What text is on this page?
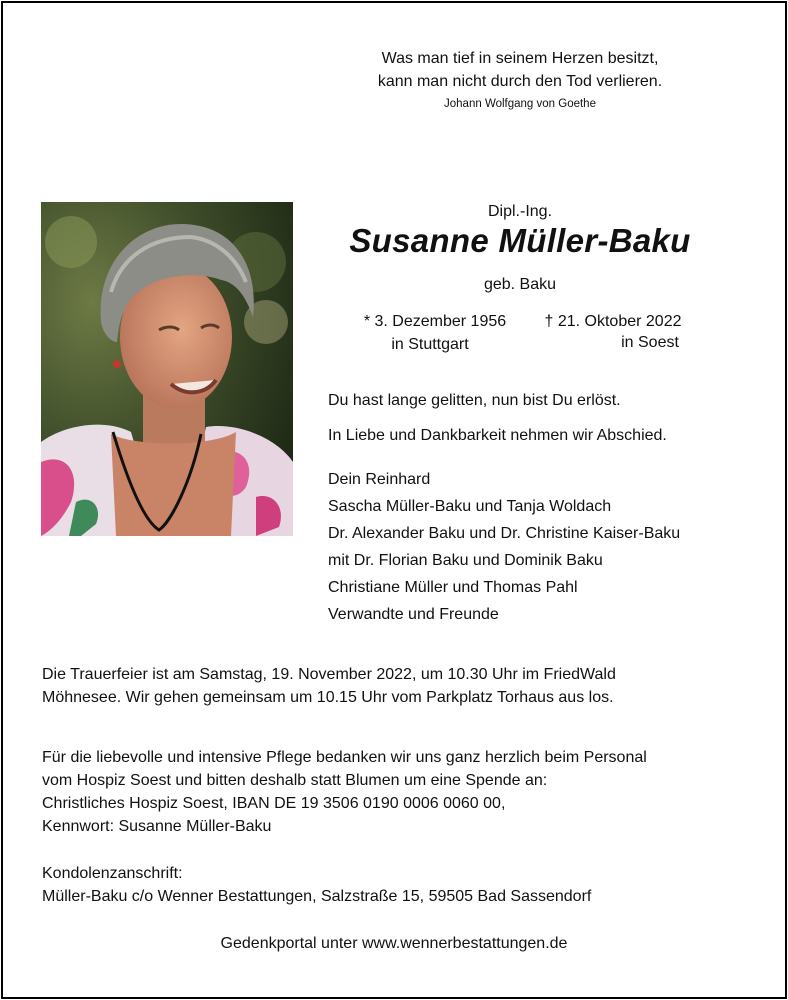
Was man tief in seinem Herzen besitzt,
kann man nicht durch den Tod verlieren.
Johann Wolfgang von Goethe
Dipl.-Ing.
Susanne Müller-Baku
geb. Baku
* 3. Dezember 1956	† 21. Oktober 2022
in Stuttgart	in Soest
Du hast lange gelitten, nun bist Du erlöst.
In Liebe und Dankbarkeit nehmen wir Abschied.
Dein Reinhard
Sascha Müller-Baku und Tanja Woldach
Dr. Alexander Baku und Dr. Christine Kaiser-Baku
mit Dr. Florian Baku und Dominik Baku
Christiane Müller und Thomas Pahl
Verwandte und Freunde
Die Trauerfeier ist am Samstag, 19. November 2022, um 10.30 Uhr im FriedWald
Möhnesee. Wir gehen gemeinsam um 10.15 Uhr vom Parkplatz Torhaus aus los.
Für die liebevolle und intensive Pflege bedanken wir uns ganz herzlich beim Personal
vom Hospiz Soest und bitten deshalb statt Blumen um eine Spende an:
Christliches Hospiz Soest, IBAN DE 19 3506 0190 0006 0060 00,
Kennwort: Susanne Müller-Baku
Kondolenzanschrift:
Müller-Baku c/o Wenner Bestattungen, Salzstraße 15, 59505 Bad Sassendorf
Gedenkportal unter www.wennerbestattungen.de
